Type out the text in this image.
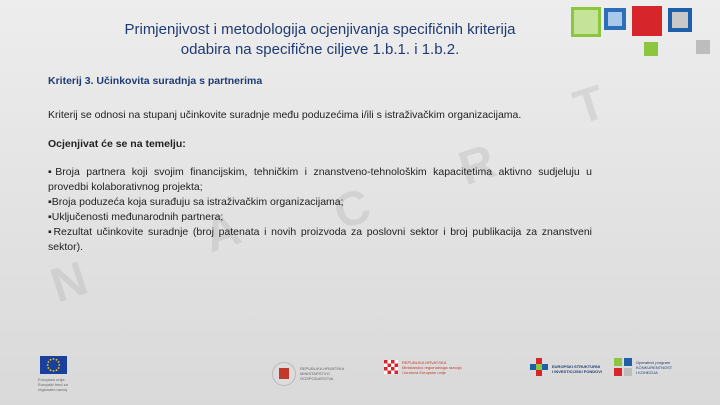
N
A C
R
T
Primjenjivost i metodologija ocjenjivanja specifičnih kriterija
odabira na specifične ciljeve 1.b.1. i 1.b.2.
Kriterij 3. Učinkovita suradnja s partnerima
Kriterij se odnosi na stupanj učinkovite suradnje među poduzećima i/ili s istraživačkim organizacijama.
Ocjenjivat će se na temelju:

▪Broja partnera koji svojim financijskim, tehničkim i znanstveno-tehnološkim kapacitetima aktivno sudjeluju u provedbi kolaborativnog projekta;

▪Broja poduzeća koja surađuju sa istraživačkim organizacijama;

▪Uključenosti međunarodnih partnera;

▪Rezultat učinkovite suradnje (broj patenata i novih proizvoda za poslovni sektor i broj publikacija za znanstveni sektor).

Europska unija
Europski fond za regionalni razvoj
REPUBLIKA HRVATSKA
MINISTARSTVO GOSPODARSTVA
REPUBLIKA HRVATSKA
Ministarstvo regionalnoga razvoja
i fondova Europske unije
EUROPSKI STRUKTURNI
I INVESTICIJSKI FONDOVI
Operativni program
KONKURENTNOST
I KOHEZIJA
